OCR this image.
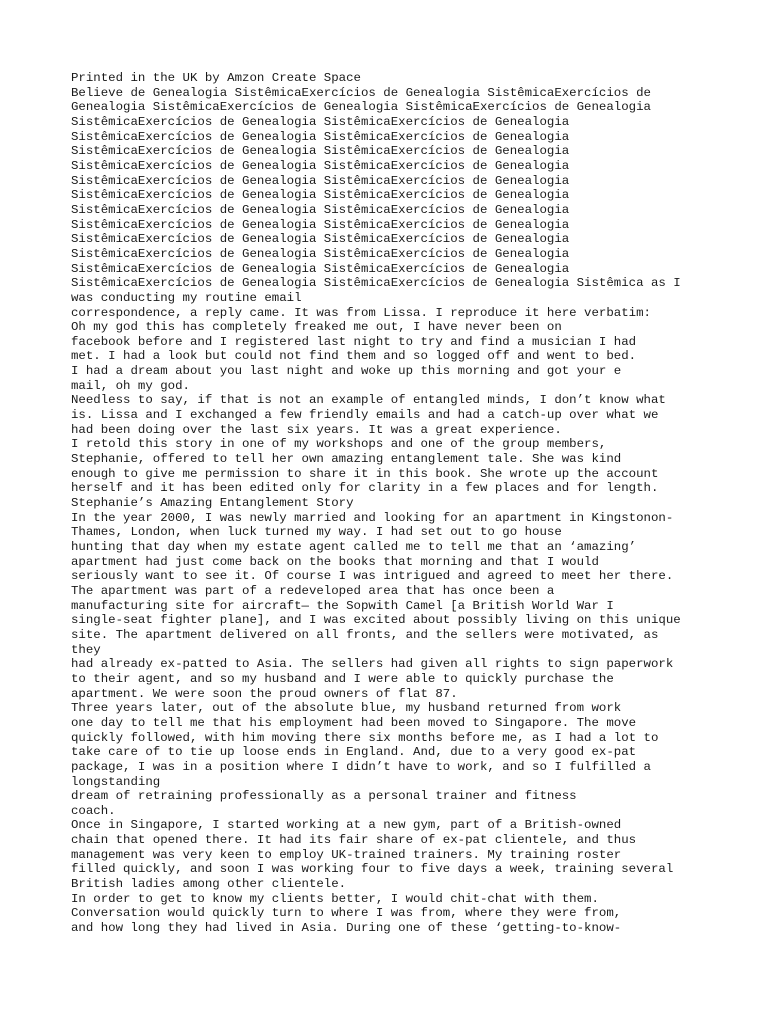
Printed in the UK by Amzon Create Space
Believe de Genealogia SistêmicaExercícios de Genealogia SistêmicaExercícios de
Genealogia SistêmicaExercícios de Genealogia SistêmicaExercícios de Genealogia
SistêmicaExercícios de Genealogia SistêmicaExercícios de Genealogia
SistêmicaExercícios de Genealogia SistêmicaExercícios de Genealogia
SistêmicaExercícios de Genealogia SistêmicaExercícios de Genealogia
SistêmicaExercícios de Genealogia SistêmicaExercícios de Genealogia
SistêmicaExercícios de Genealogia SistêmicaExercícios de Genealogia
SistêmicaExercícios de Genealogia SistêmicaExercícios de Genealogia
SistêmicaExercícios de Genealogia SistêmicaExercícios de Genealogia
SistêmicaExercícios de Genealogia SistêmicaExercícios de Genealogia
SistêmicaExercícios de Genealogia SistêmicaExercícios de Genealogia
SistêmicaExercícios de Genealogia SistêmicaExercícios de Genealogia
SistêmicaExercícios de Genealogia SistêmicaExercícios de Genealogia
SistêmicaExercícios de Genealogia SistêmicaExercícios de Genealogia Sistêmica as I
was conducting my routine email
correspondence, a reply came. It was from Lissa. I reproduce it here verbatim:
Oh my god this has completely freaked me out, I have never been on
facebook before and I registered last night to try and find a musician I had
met. I had a look but could not find them and so logged off and went to bed.
I had a dream about you last night and woke up this morning and got your e
mail, oh my god.
Needless to say, if that is not an example of entangled minds, I don’t know what
is. Lissa and I exchanged a few friendly emails and had a catch-up over what we
had been doing over the last six years. It was a great experience.
I retold this story in one of my workshops and one of the group members,
Stephanie, offered to tell her own amazing entanglement tale. She was kind
enough to give me permission to share it in this book. She wrote up the account
herself and it has been edited only for clarity in a few places and for length.
Stephanie’s Amazing Entanglement Story
In the year 2000, I was newly married and looking for an apartment in Kingstonon-
Thames, London, when luck turned my way. I had set out to go house
hunting that day when my estate agent called me to tell me that an ‘amazing’
apartment had just come back on the books that morning and that I would
seriously want to see it. Of course I was intrigued and agreed to meet her there.
The apartment was part of a redeveloped area that has once been a
manufacturing site for aircraft— the Sopwith Camel [a British World War I
single-seat fighter plane], and I was excited about possibly living on this unique
site. The apartment delivered on all fronts, and the sellers were motivated, as
they
had already ex-patted to Asia. The sellers had given all rights to sign paperwork
to their agent, and so my husband and I were able to quickly purchase the
apartment. We were soon the proud owners of flat 87.
Three years later, out of the absolute blue, my husband returned from work
one day to tell me that his employment had been moved to Singapore. The move
quickly followed, with him moving there six months before me, as I had a lot to
take care of to tie up loose ends in England. And, due to a very good ex-pat
package, I was in a position where I didn’t have to work, and so I fulfilled a
longstanding
dream of retraining professionally as a personal trainer and fitness
coach.
Once in Singapore, I started working at a new gym, part of a British-owned
chain that opened there. It had its fair share of ex-pat clientele, and thus
management was very keen to employ UK-trained trainers. My training roster
filled quickly, and soon I was working four to five days a week, training several
British ladies among other clientele.
In order to get to know my clients better, I would chit-chat with them.
Conversation would quickly turn to where I was from, where they were from,
and how long they had lived in Asia. During one of these ‘getting-to-know-
